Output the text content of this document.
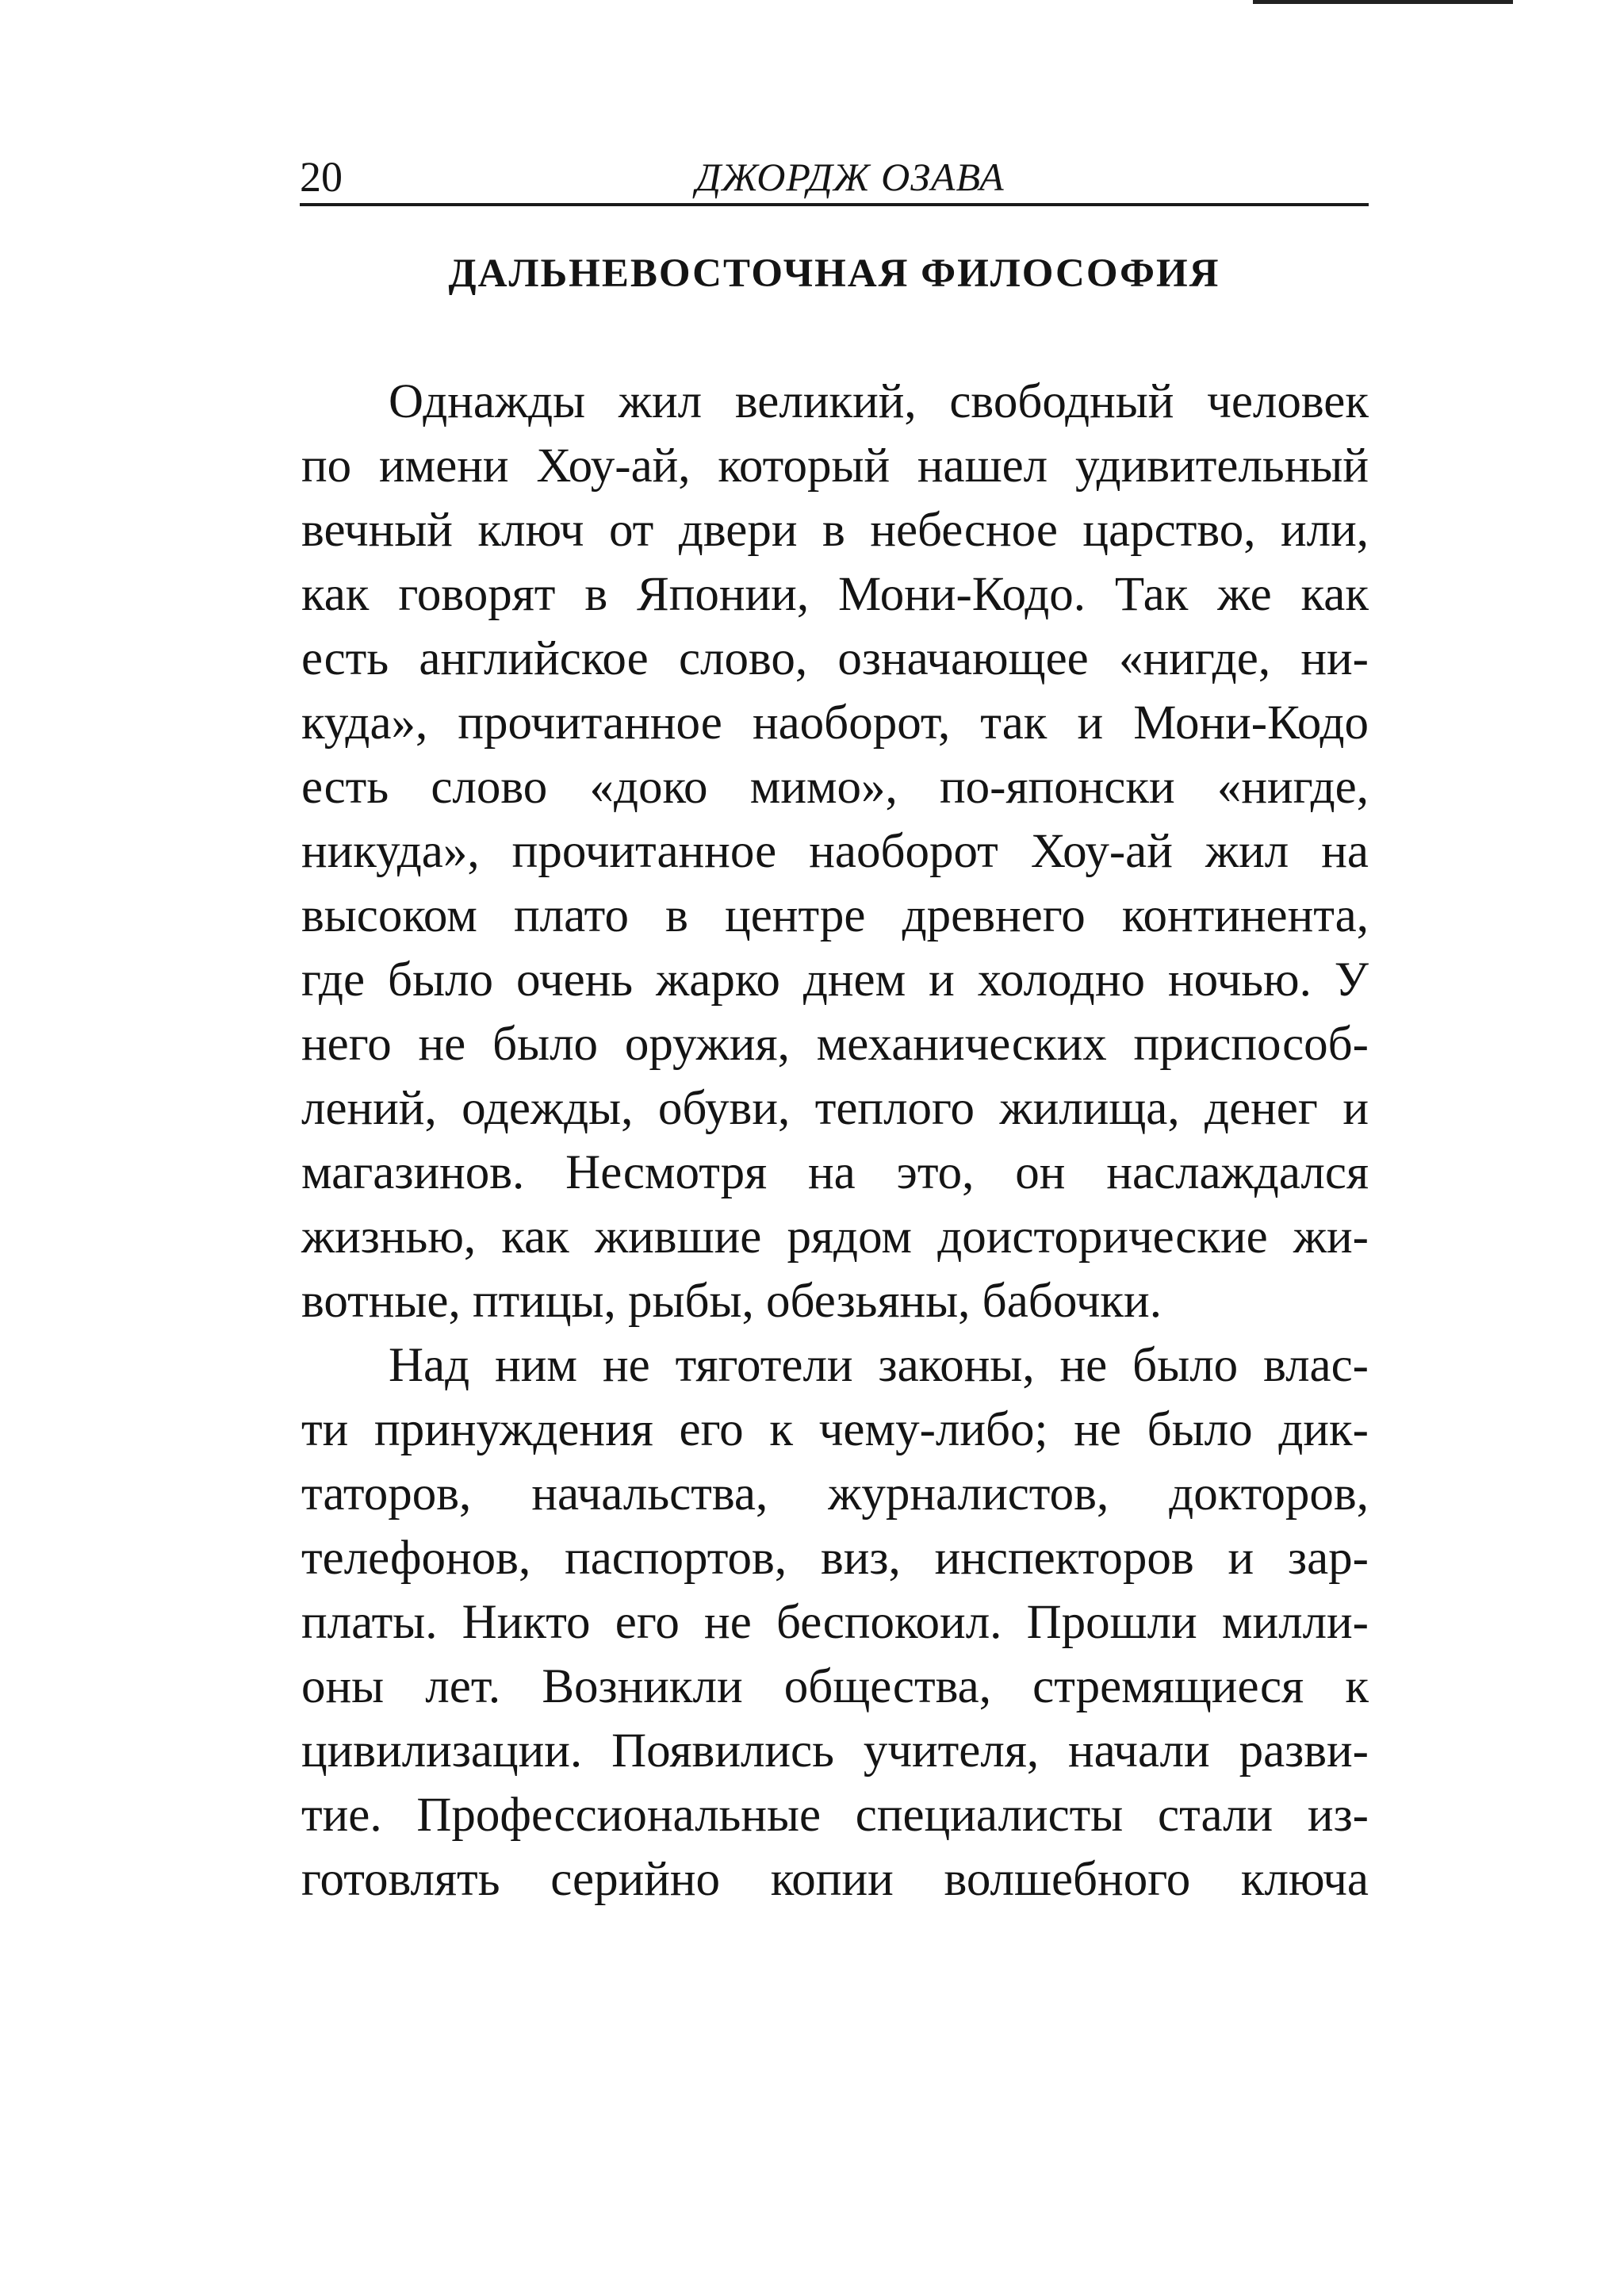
20	ДЖОРДЖ ОЗАВА
ДАЛЬНЕВОСТОЧНАЯ ФИЛОСОФИЯ

Однажды жил великий, свободный человек
по имени Хоу-ай, который нашел удивительный
вечный ключ от двери в небесное царство, или,
как говорят в Японии, Мони-Кодо. Так же как
есть английское слово, означающее «нигде, ни-
куда», прочитанное наоборот, так и Мони-Кодо
есть слово «доко мимо», по-японски «нигде,
никуда», прочитанное наоборот Хоу-ай жил на
высоком плато в центре древнего континента,
где было очень жарко днем и холодно ночью. У
него не было оружия, механических приспособ-
лений, одежды, обуви, теплого жилища, денег и
магазинов. Несмотря на это, он наслаждался
жизнью, как жившие рядом доисторические жи-
вотные, птицы, рыбы, обезьяны, бабочки.

Над ним не тяготели законы, не было влас-
ти принуждения его к чему-либо; не было дик-
таторов, начальства, журналистов, докторов,
телефонов, паспортов, виз, инспекторов и зар-
платы. Никто его не беспокоил. Прошли милли-
оны лет. Возникли общества, стремящиеся к
цивилизации. Появились учителя, начали разви-
тие. Профессиональные специалисты стали из-
готовлять серийно копии волшебного ключа
